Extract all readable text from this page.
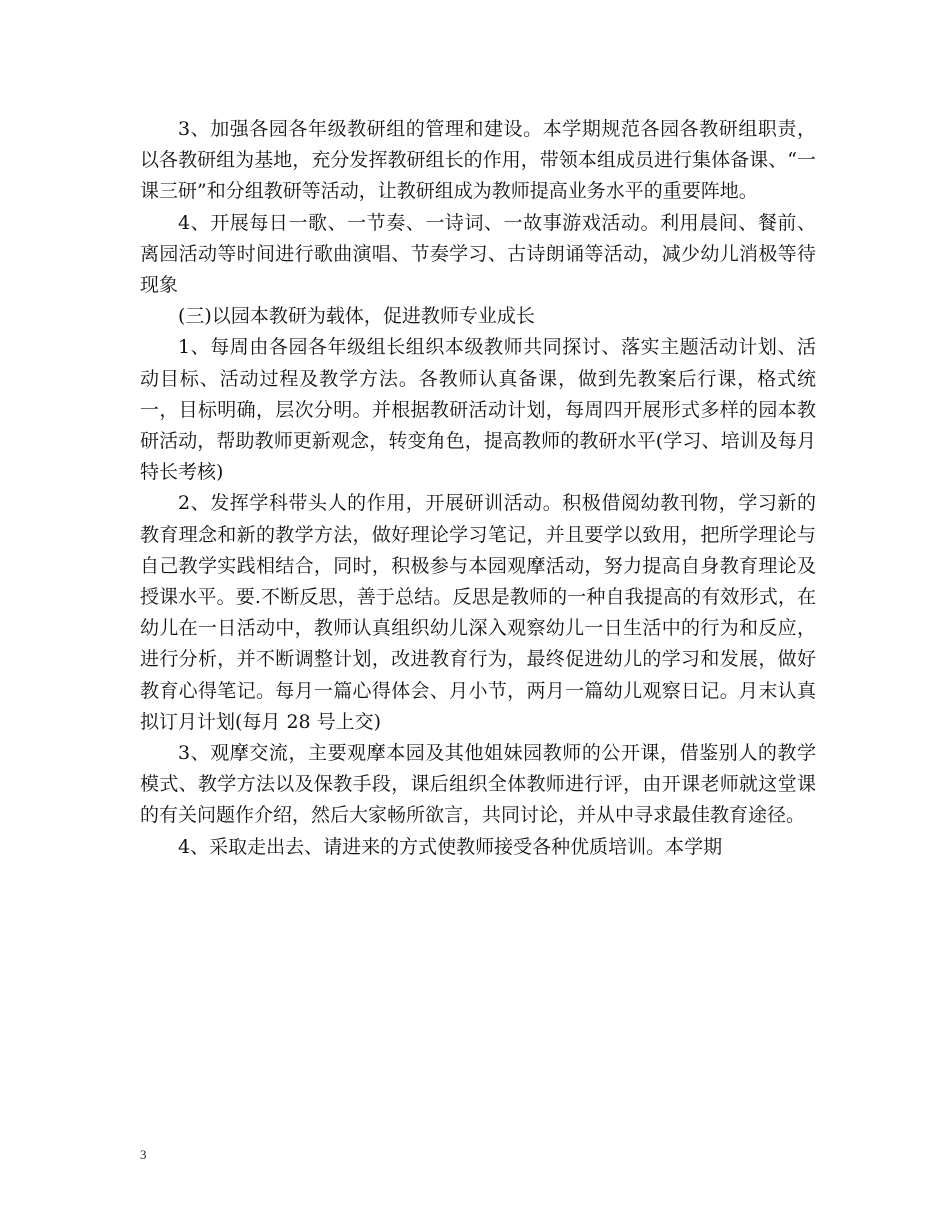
3、加强各园各年级教研组的管理和建设。本学期规范各园各教研组职责，以各教研组为基地，充分发挥教研组长的作用，带领本组成员进行集体备课、“一课三研”和分组教研等活动，让教研组成为教师提高业务水平的重要阵地。

4、开展每日一歌、一节奏、一诗词、一故事游戏活动。利用晨间、餐前、离园活动等时间进行歌曲演唱、节奏学习、古诗朗诵等活动，减少幼儿消极等待现象

(三)以园本教研为载体，促进教师专业成长

1、每周由各园各年级组长组织本级教师共同探讨、落实主题活动计划、活动目标、活动过程及教学方法。各教师认真备课，做到先教案后行课，格式统一，目标明确，层次分明。并根据教研活动计划，每周四开展形式多样的园本教研活动，帮助教师更新观念，转变角色，提高教师的教研水平(学习、培训及每月特长考核)

2、发挥学科带头人的作用，开展研训活动。积极借阅幼教刊物，学习新的教育理念和新的教学方法，做好理论学习笔记，并且要学以致用，把所学理论与自己教学实践相结合，同时，积极参与本园观摩活动，努力提高自身教育理论及授课水平。要.不断反思，善于总结。反思是教师的一种自我提高的有效形式，在幼儿在一日活动中，教师认真组织幼儿深入观察幼儿一日生活中的行为和反应，进行分析，并不断调整计划，改进教育行为，最终促进幼儿的学习和发展，做好教育心得笔记。每月一篇心得体会、月小节，两月一篇幼儿观察日记。月末认真拟订月计划(每月 28 号上交)

3、观摩交流，主要观摩本园及其他姐妹园教师的公开课，借鉴别人的教学模式、教学方法以及保教手段，课后组织全体教师进行评，由开课老师就这堂课的有关问题作介绍，然后大家畅所欲言，共同讨论，并从中寻求最佳教育途径。

4、采取走出去、请进来的方式使教师接受各种优质培训。本学期

3
